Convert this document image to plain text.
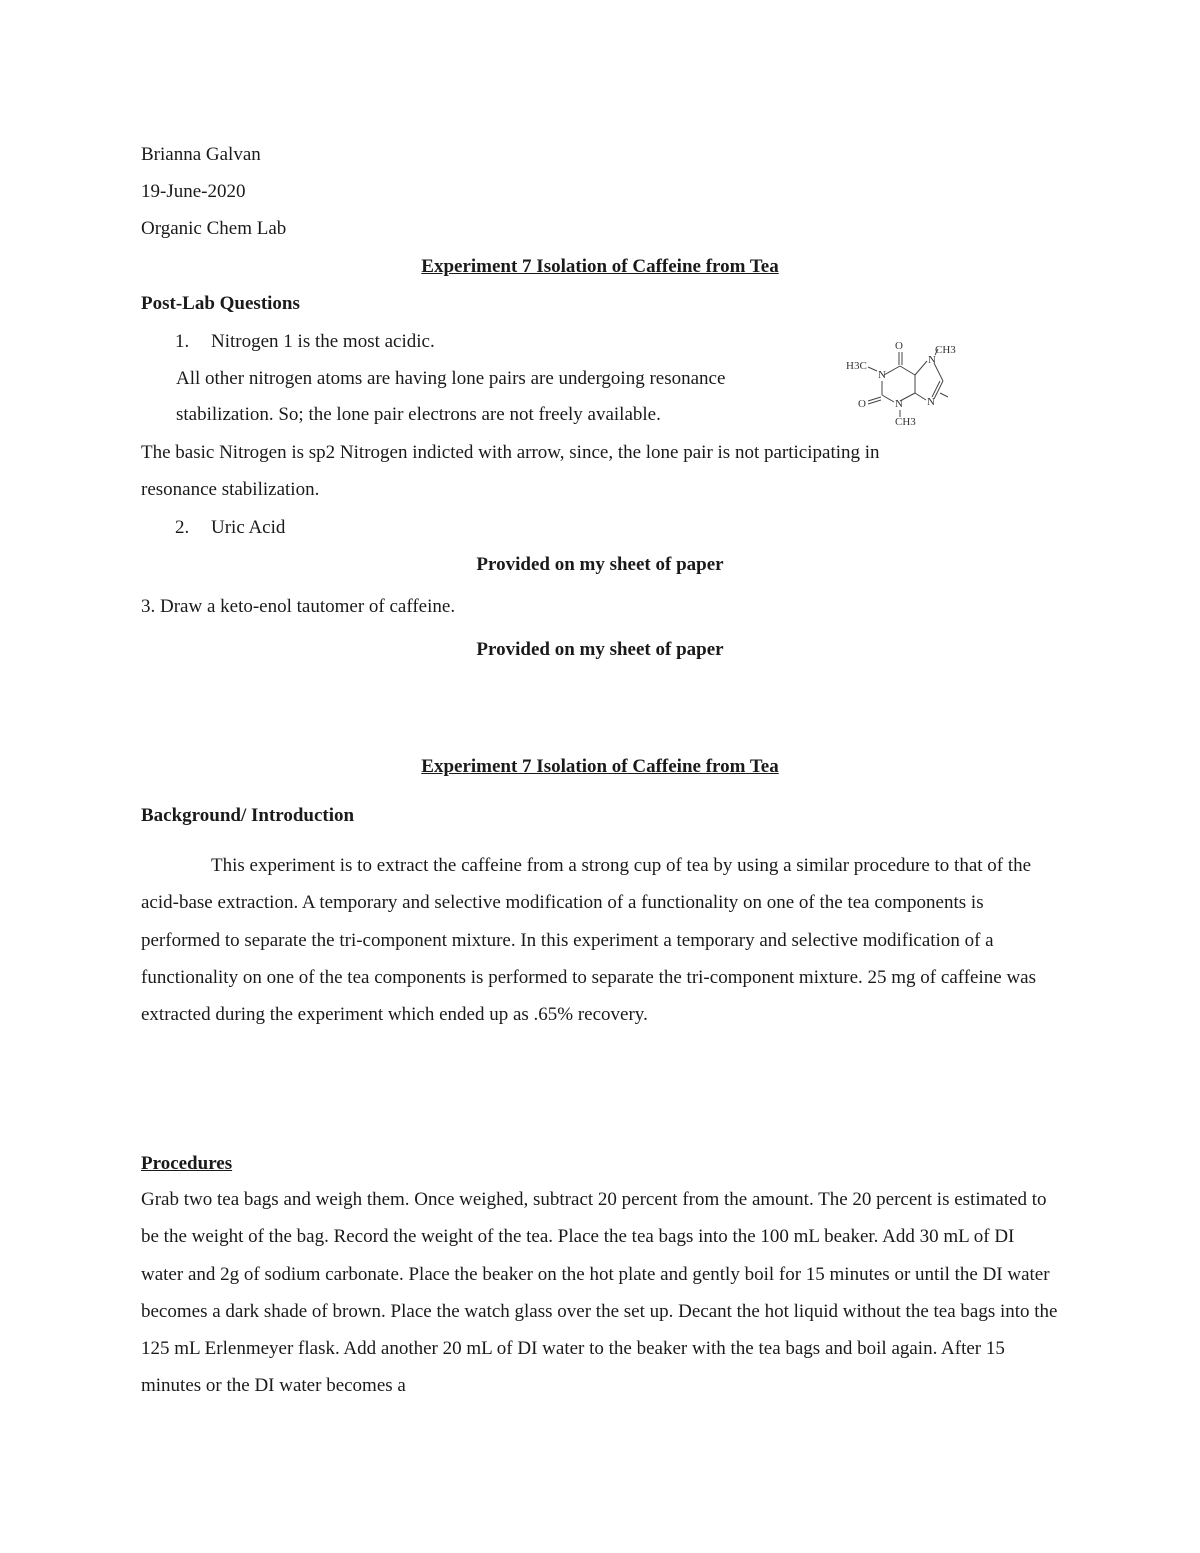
Brianna Galvan
19-June-2020
Organic Chem Lab
Experiment 7 Isolation of Caffeine from Tea
Post-Lab Questions
1. Nitrogen 1 is the most acidic.
All other nitrogen atoms are having lone pairs are undergoing resonance
stabilization. So; the lone pair electrons are not freely available.
The basic Nitrogen is sp2 Nitrogen indicted with arrow, since, the lone pair is not participating in
resonance stabilization.
O	CH3
H3C
N
N
N
N
O
CH3
2. Uric Acid
Provided on my sheet of paper
3. Draw a keto-enol tautomer of caffeine.
Provided on my sheet of paper
Experiment 7 Isolation of Caffeine from Tea
Background/ Introduction
This experiment is to extract the caffeine from a strong cup of tea by using a similar procedure to that of the acid-base extraction. A temporary and selective modification of a functionality on one of the tea components is performed to separate the tri-component mixture. In this experiment a temporary and selective modification of a functionality on one of the tea components is performed to separate the tri-component mixture. 25 mg of caffeine was extracted during the experiment which ended up as .65% recovery.
Procedures
Grab two tea bags and weigh them. Once weighed, subtract 20 percent from the amount. The 20 percent is estimated to be the weight of the bag. Record the weight of the tea. Place the tea bags into the 100 mL beaker. Add 30 mL of DI water and 2g of sodium carbonate. Place the beaker on the hot plate and gently boil for 15 minutes or until the DI water becomes a dark shade of brown. Place the watch glass over the set up. Decant the hot liquid without the tea bags into the 125 mL Erlenmeyer flask. Add another 20 mL of DI water to the beaker with the tea bags and boil again. After 15 minutes or the DI water becomes a
